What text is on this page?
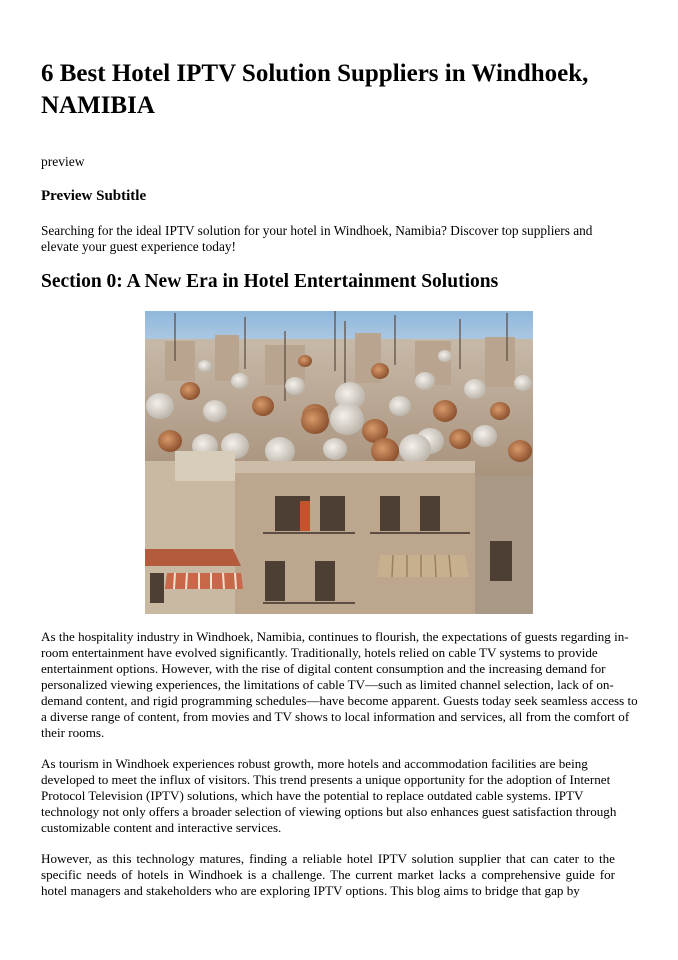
6 Best Hotel IPTV Solution Suppliers in Windhoek, NAMIBIA

preview

Preview Subtitle

Searching for the ideal IPTV solution for your hotel in Windhoek, Namibia? Discover top suppliers and elevate your guest experience today!

Section 0: A New Era in Hotel Entertainment Solutions

As the hospitality industry in Windhoek, Namibia, continues to flourish, the expectations of guests regarding in-room entertainment have evolved significantly. Traditionally, hotels relied on cable TV systems to provide entertainment options. However, with the rise of digital content consumption and the increasing demand for personalized viewing experiences, the limitations of cable TV—such as limited channel selection, lack of on-demand content, and rigid programming schedules—have become apparent. Guests today seek seamless access to a diverse range of content, from movies and TV shows to local information and services, all from the comfort of their rooms.

As tourism in Windhoek experiences robust growth, more hotels and accommodation facilities are being developed to meet the influx of visitors. This trend presents a unique opportunity for the adoption of Internet Protocol Television (IPTV) solutions, which have the potential to replace outdated cable systems. IPTV technology not only offers a broader selection of viewing options but also enhances guest satisfaction through customizable content and interactive services.

However, as this technology matures, finding a reliable hotel IPTV solution supplier that can cater to the specific needs of hotels in Windhoek is a challenge. The current market lacks a comprehensive guide for hotel managers and stakeholders who are exploring IPTV options. This blog aims to bridge that gap by
